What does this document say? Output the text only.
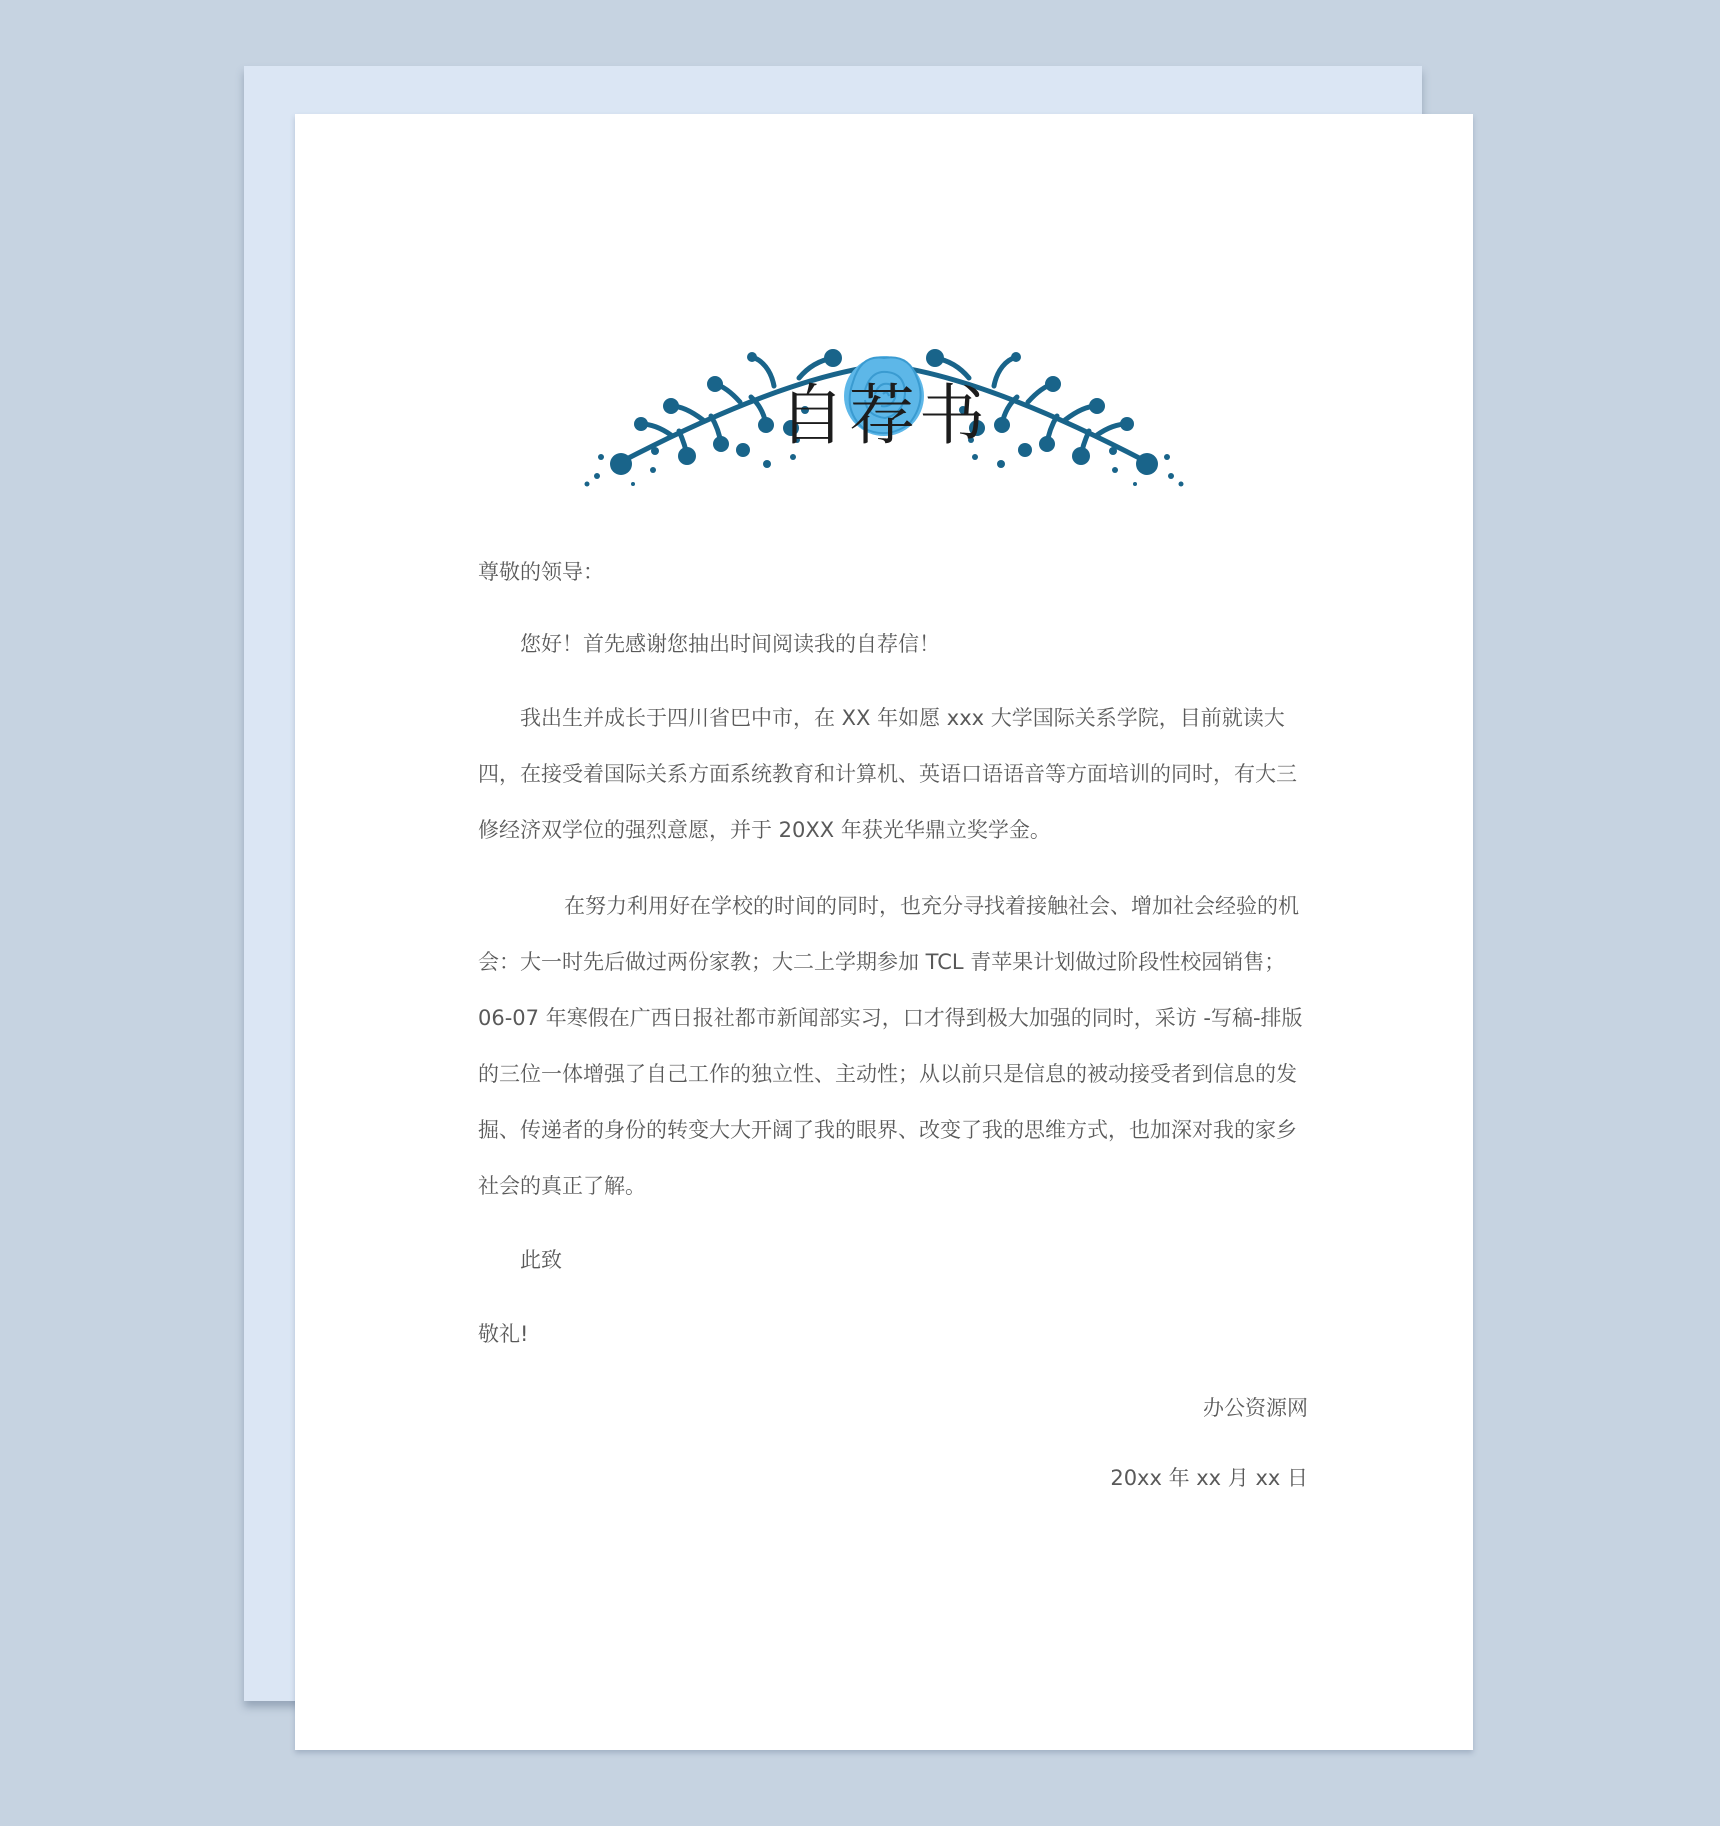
自荐书

尊敬的领导：

您好！首先感谢您抽出时间阅读我的自荐信！

我出生并成长于四川省巴中市，在 XX 年如愿 xxx 大学国际关系学院，目前就读大四，在接受着国际关系方面系统教育和计算机、英语口语语音等方面培训的同时，有大三修经济双学位的强烈意愿，并于 20XX 年获光华鼎立奖学金。

在努力利用好在学校的时间的同时，也充分寻找着接触社会、增加社会经验的机会：大一时先后做过两份家教；大二上学期参加 TCL 青苹果计划做过阶段性校园销售；06-07 年寒假在广西日报社都市新闻部实习，口才得到极大加强的同时，采访 -写稿-排版的三位一体增强了自己工作的独立性、主动性；从以前只是信息的被动接受者到信息的发掘、传递者的身份的转变大大开阔了我的眼界、改变了我的思维方式，也加深对我的家乡社会的真正了解。

此致

敬礼!

办公资源网

20xx 年 xx 月 xx 日
